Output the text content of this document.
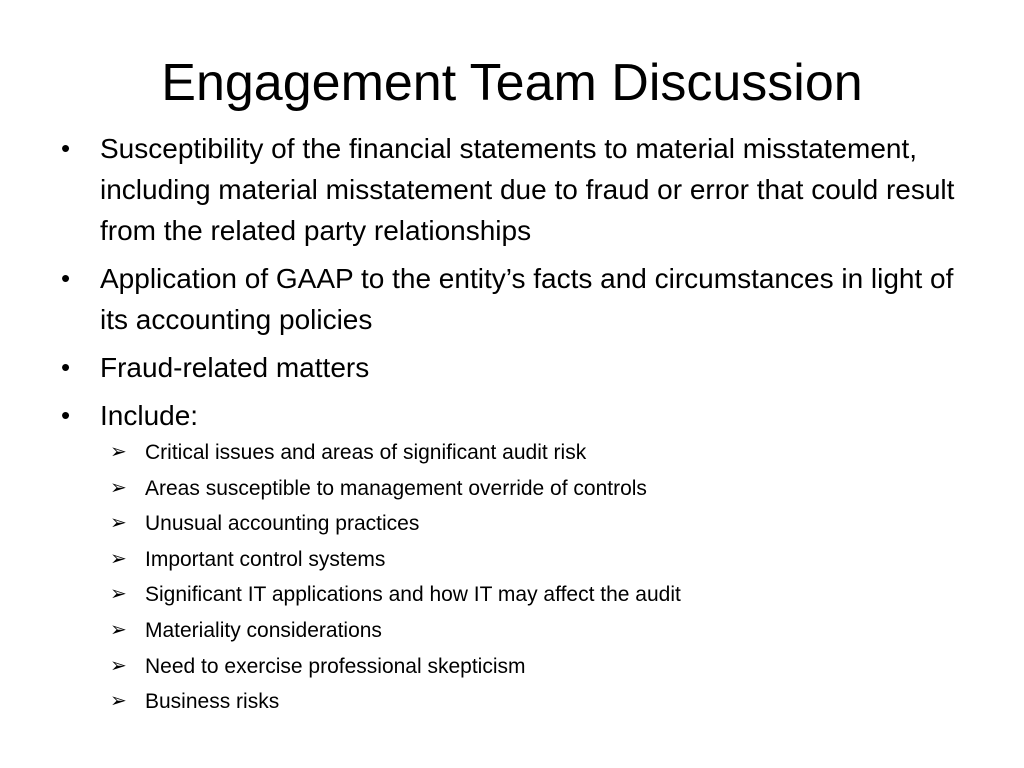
Engagement Team Discussion
• Susceptibility of the financial statements to material misstatement, including material misstatement due to fraud or error that could result from the related party relationships
• Application of GAAP to the entity’s facts and circumstances in light of its accounting policies
• Fraud-related matters
• Include:
➢ Critical issues and areas of significant audit risk
➢ Areas susceptible to management override of controls
➢ Unusual accounting practices
➢ Important control systems
➢ Significant IT applications and how IT may affect the audit
➢ Materiality considerations
➢ Need to exercise professional skepticism
➢ Business risks
